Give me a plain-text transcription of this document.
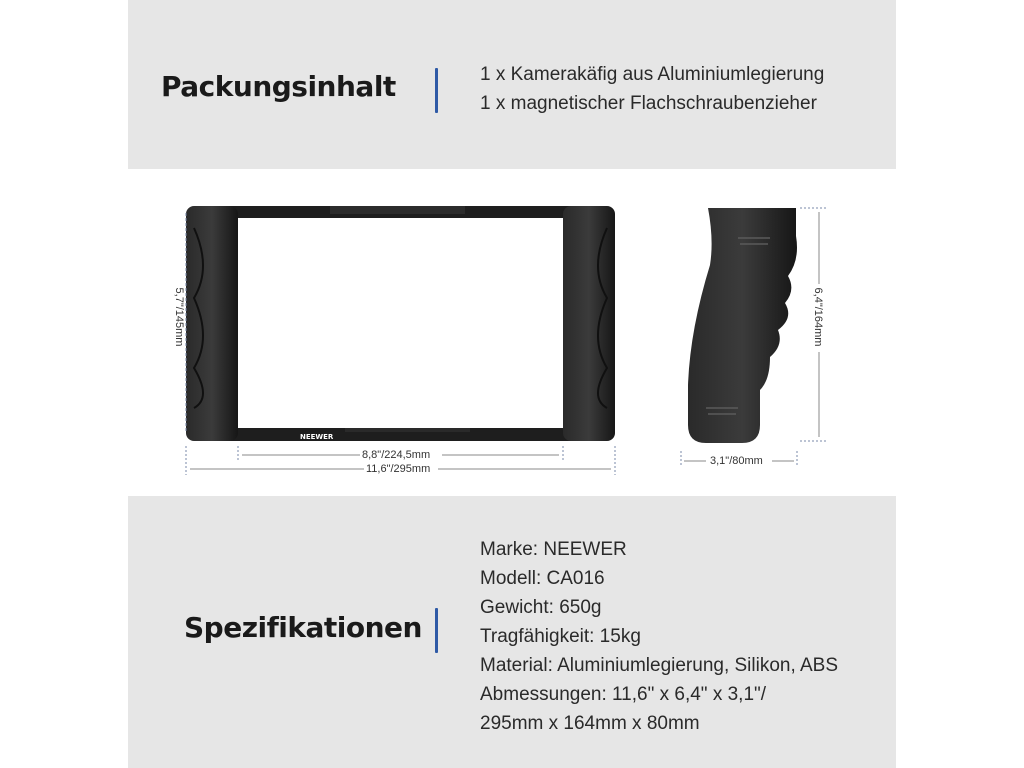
Packungsinhalt	1 x Kamerakäfig aus Aluminiumlegierung
1 x magnetischer Flachschraubenzieher
NEEWER
5,7"/145mm
8,8"/224,5mm
11,6"/295mm
6,4"/164mm
3,1"/80mm
Spezifikationen
Marke: NEEWER
Modell: CA016
Gewicht: 650g
Tragfähigkeit: 15kg
Material: Aluminiumlegierung, Silikon, ABS
Abmessungen: 11,6" x 6,4" x 3,1"/
295mm x 164mm x 80mm
